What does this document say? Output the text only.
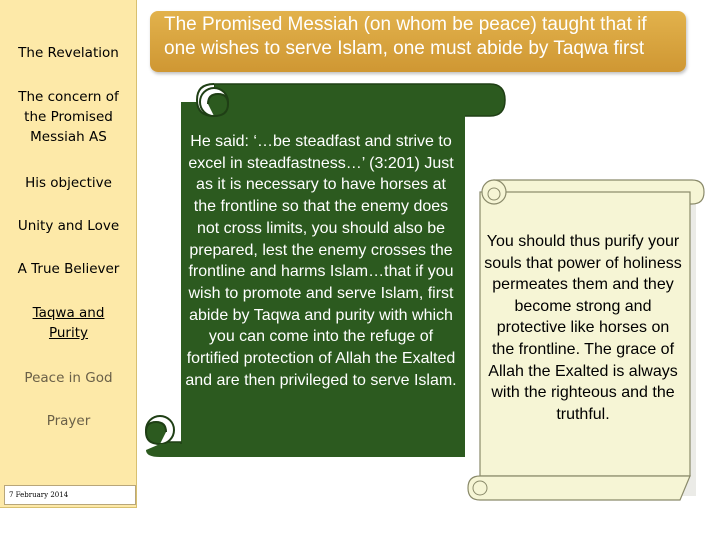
The Revelation
The concern of the Promised Messiah AS
His objective
Unity and Love
A True Believer
Taqwa and Purity
Peace in God
Prayer
7 February 2014
The Promised Messiah (on whom be peace) taught that if one wishes to serve Islam, one must abide by Taqwa first
He said: ‘…be steadfast and strive to excel in steadfastness…’ (3:201) Just as it is necessary to have horses at the frontline so that the enemy does not cross limits, you should also be prepared, lest the enemy crosses the frontline and harms Islam…that if you wish to promote and serve Islam, first abide by Taqwa and purity with which you can come into the refuge of fortified protection of Allah the Exalted and are then privileged to serve Islam.
You should thus purify your souls that power of holiness permeates them and they become strong and protective like horses on the frontline. The grace of Allah the Exalted is always with the righteous and the truthful.
